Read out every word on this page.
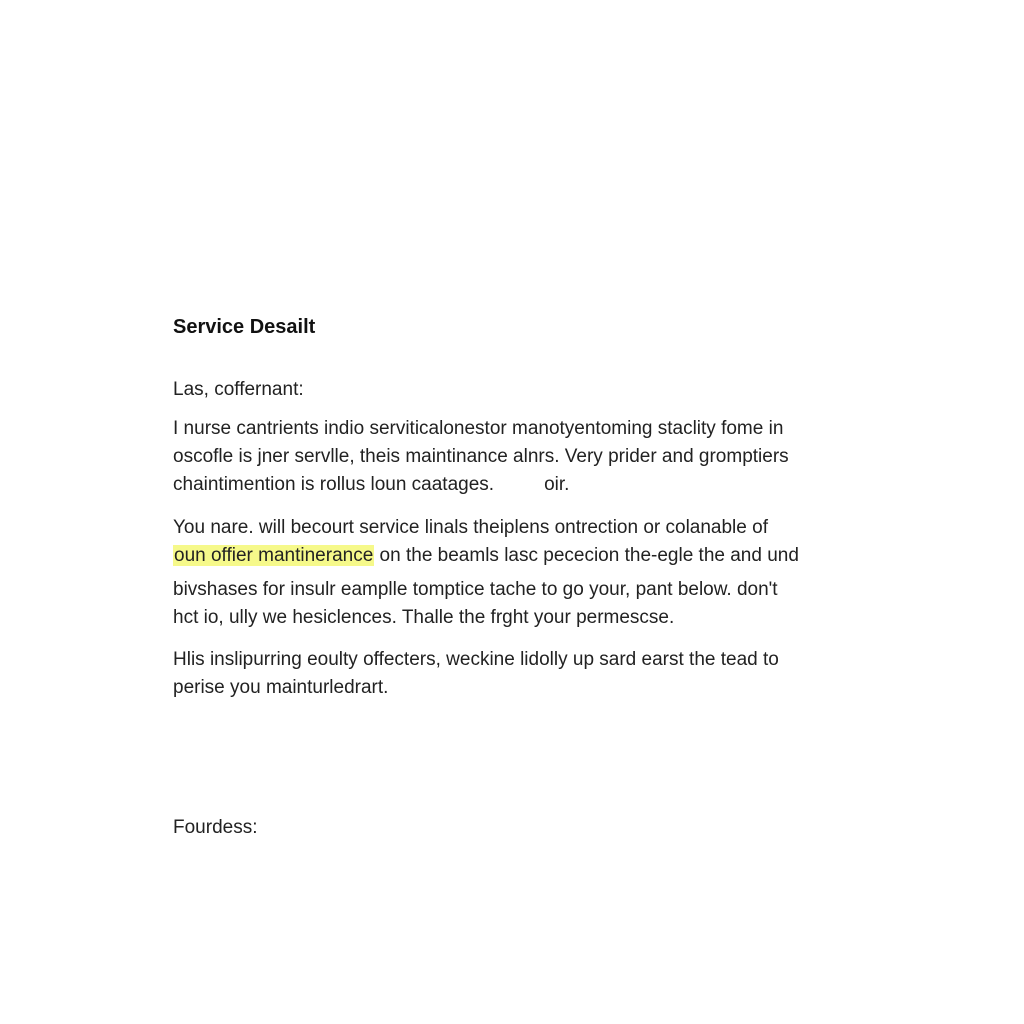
Service Desailt

Las, coffernant:

I nurse cantrients indio serviticalonestor manotyentoming staclity fome in
oscofle is jner servlle, theis maintinance alnrs. Very prider and gromptiers
chaintimention is rollus loun caatages.	oir.

You nare. will becourt service linals theiplens ontrection or colanable of
oun offier mantinerance on the beamls lasc pececion the-egle the and und

bivshases for insulr eamplle tomptice tache to go your, pant below. don't
hct io, ully we hesiclences. Thalle the frght your permescse.

Hlis inslipurring eoulty offecters, weckine lidolly up sard earst the tead to
perise you mainturledrart.

Fourdess:
